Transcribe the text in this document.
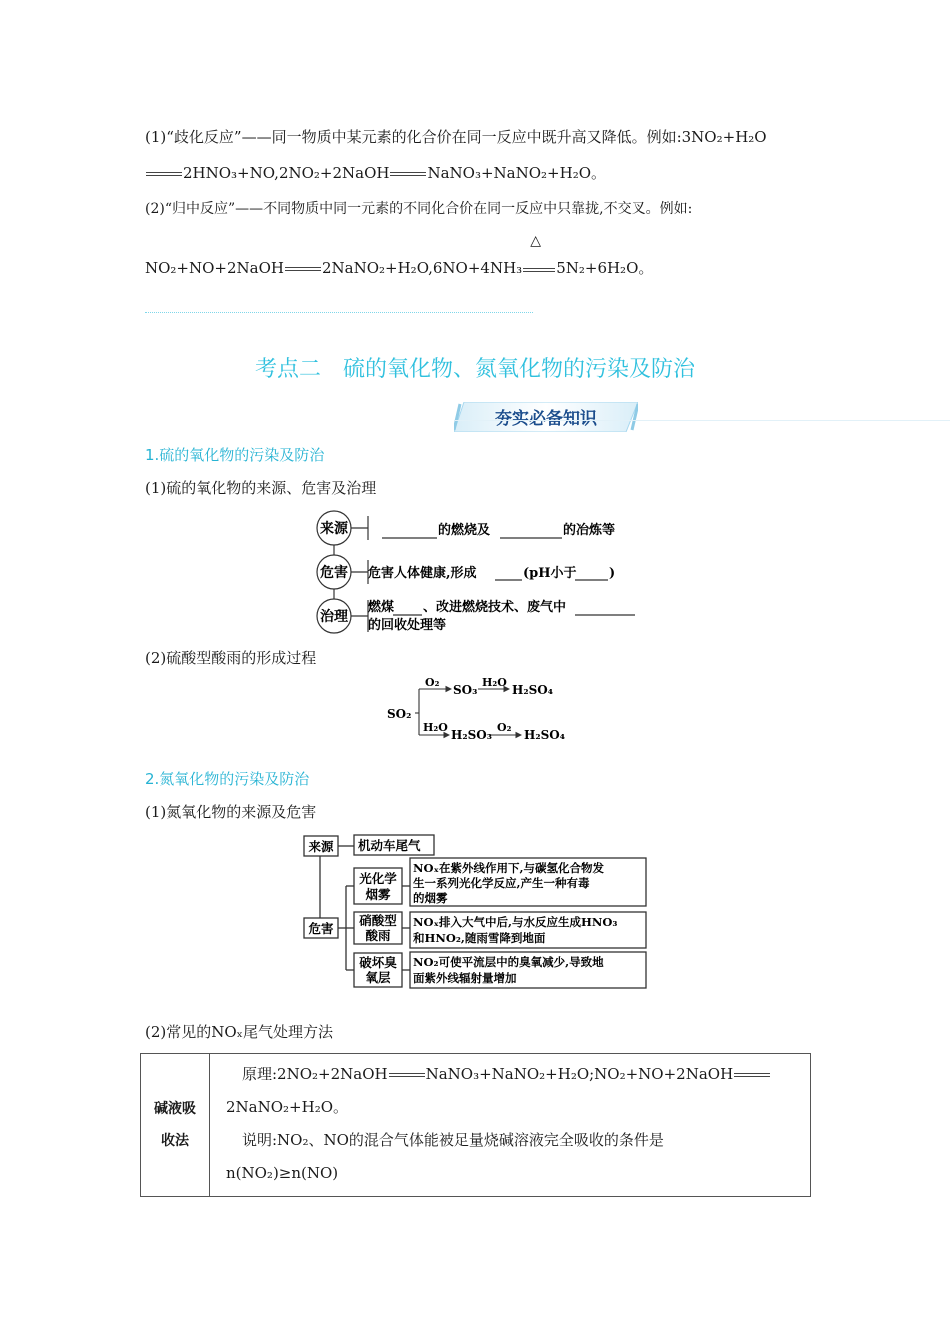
(1)“歧化反应”——同一物质中某元素的化合价在同一反应中既升高又降低。例如:3NO₂+H₂O
2HNO₃+NO,2NO₂+2NaOH	NaNO₃+NaNO₂+H₂O。
(2)“归中反应”——不同物质中同一元素的不同化合价在同一反应中只靠拢,不交叉。例如:
NO₂+NO+2NaOH	2NaNO₂+H₂O,6NO+4NH₃
△
5N₂+6H₂O。
考点二　硫的氧化物、氮氧化物的污染及防治
夯实必备知识
1.硫的氧化物的污染及防治
(1)硫的氧化物的来源、危害及治理
来源
危害
治理
的燃烧及	的冶炼等
危害人体健康,形成	(pH小于 )
燃煤 、改进燃烧技术、废气中
的回收处理等
(2)硫酸型酸雨的形成过程
SO₂
O₂
SO₃
H₂O
H₂SO₄
H₂O
H₂SO₃
O₂
H₂SO₄
2.氮氧化物的污染及防治
(1)氮氧化物的来源及危害
来源 机动车尾气
危害
光化学
烟雾
NOₓ在紫外线作用下,与碳氢化合物发
生一系列光化学反应,产生一种有毒
的烟雾
硝酸型
酸雨
NOₓ排入大气中后,与水反应生成HNO₃
和HNO₂,随雨雪降到地面
破坏臭
氧层
NO₂可使平流层中的臭氧减少,导致地
面紫外线辐射量增加
(2)常见的NOₓ尾气处理方法
碱液吸
收法

原理:2NO₂+2NaOH	NaNO₃+NaNO₂+H₂O;NO₂+NO+2NaOH

2NaNO₂+H₂O。

说明:NO₂、NO的混合气体能被足量烧碱溶液完全吸收的条件是

n(NO₂)≥n(NO)
